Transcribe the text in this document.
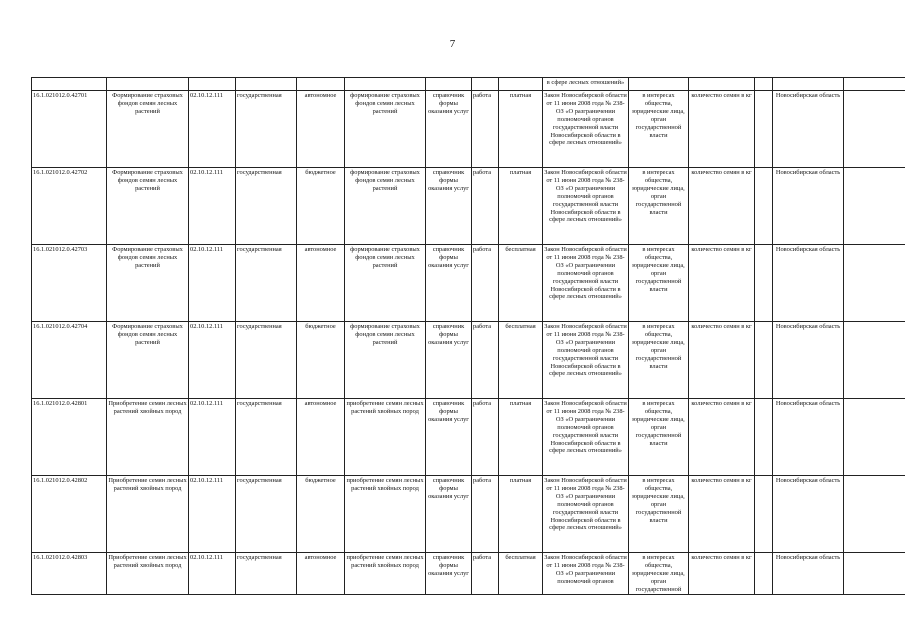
7
									в сфере лесных отношений»					
16.1.021012.0.42701	Формирование страховых фондов семян лесных растений	02.10.12.111	государственная	автономное	формирование страховых фондов семян лесных растений	справочник формы оказания услуг	работа	платная	Закон Новосибирской области от 11 июня 2008 года № 238-ОЗ «О разграничении полномочий органов государственной власти Новосибирской области в сфере лесных отношений»	в интересах общества, юридические лица, орган государственной власти	количество семян в кг		Новосибирская область	
16.1.021012.0.42702	Формирование страховых фондов семян лесных растений	02.10.12.111	государственная	бюджетное	формирование страховых фондов семян лесных растений	справочник формы оказания услуг	работа	платная	Закон Новосибирской области от 11 июня 2008 года № 238-ОЗ «О разграничении полномочий органов государственной власти Новосибирской области в сфере лесных отношений»	в интересах общества, юридические лица, орган государственной власти	количество семян в кг		Новосибирская область	
16.1.021012.0.42703	Формирование страховых фондов семян лесных растений	02.10.12.111	государственная	автономное	формирование страховых фондов семян лесных растений	справочник формы оказания услуг	работа	бесплатная	Закон Новосибирской области от 11 июня 2008 года № 238-ОЗ «О разграничении полномочий органов государственной власти Новосибирской области в сфере лесных отношений»	в интересах общества, юридические лица, орган государственной власти	количество семян в кг		Новосибирская область	
16.1.021012.0.42704	Формирование страховых фондов семян лесных растений	02.10.12.111	государственная	бюджетное	формирование страховых фондов семян лесных растений	справочник формы оказания услуг	работа	бесплатная	Закон Новосибирской области от 11 июня 2008 года № 238-ОЗ «О разграничении полномочий органов государственной власти Новосибирской области в сфере лесных отношений»	в интересах общества, юридические лица, орган государственной власти	количество семян в кг		Новосибирская область	
16.1.021012.0.42801	Приобретение семян лесных растений хвойных пород	02.10.12.111	государственная	автономное	приобретение семян лесных растений хвойных пород	справочник формы оказания услуг	работа	платная	Закон Новосибирской области от 11 июня 2008 года № 238-ОЗ «О разграничении полномочий органов государственной власти Новосибирской области в сфере лесных отношений»	в интересах общества, юридические лица, орган государственной власти	количество семян в кг		Новосибирская область	
16.1.021012.0.42802	Приобретение семян лесных растений хвойных пород	02.10.12.111	государственная	бюджетное	приобретение семян лесных растений хвойных пород	справочник формы оказания услуг	работа	платная	Закон Новосибирской области от 11 июня 2008 года № 238-ОЗ «О разграничении полномочий органов государственной власти Новосибирской области в сфере лесных отношений»	в интересах общества, юридические лица, орган государственной власти	количество семян в кг		Новосибирская область	
16.1.021012.0.42803	Приобретение семян лесных растений хвойных пород	02.10.12.111	государственная	автономное	приобретение семян лесных растений хвойных пород	справочник формы оказания услуг	работа	бесплатная	Закон Новосибирской области от 11 июня 2008 года № 238-ОЗ «О разграничении полномочий органов	в интересах общества, юридические лица, орган государственной	количество семян в кг		Новосибирская область	
